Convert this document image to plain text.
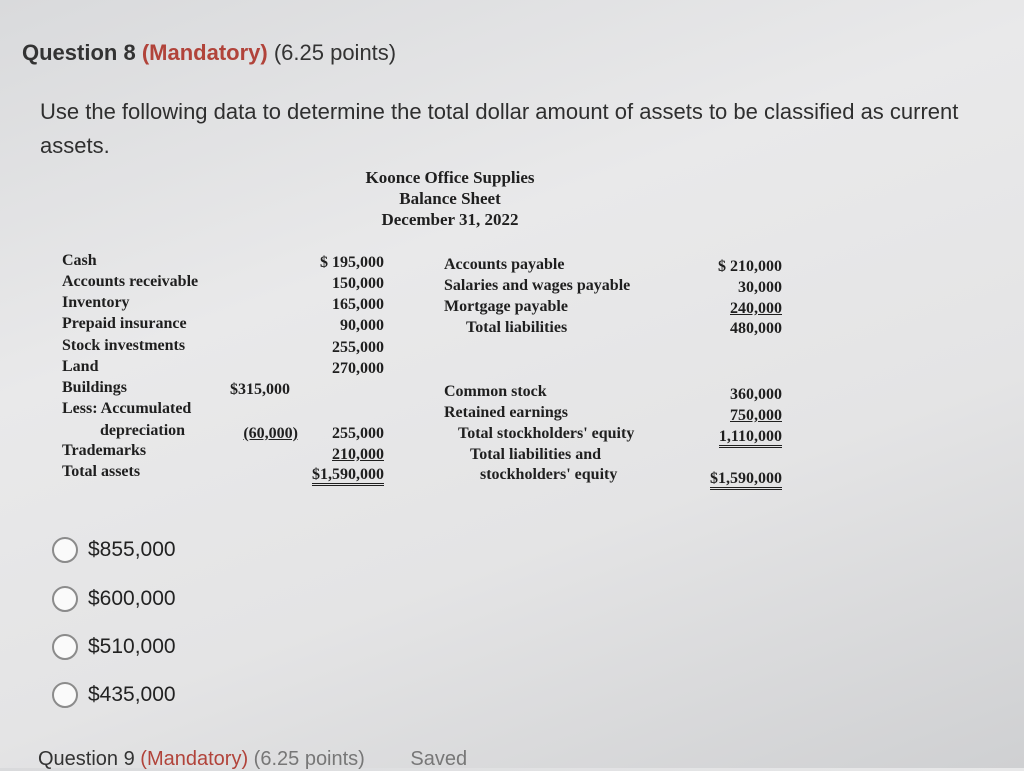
Question 8 (Mandatory) (6.25 points)
Use the following data to determine the total dollar amount of assets to be classified as current assets.
Koonce Office Supplies
Balance Sheet
December 31, 2022
Cash	$ 195,000
Accounts receivable	150,000
Inventory	165,000
Prepaid insurance	90,000
Stock investments	255,000
Land	270,000
Buildings	$315,000
Less: Accumulated
depreciation	(60,000)	255,000
Trademarks	210,000
Total assets	$1,590,000
Accounts payable	$ 210,000
Salaries and wages payable	30,000
Mortgage payable	240,000
Total liabilities	480,000
Common stock	360,000
Retained earnings	750,000
Total stockholders' equity	1,110,000
Total liabilities and
stockholders' equity	$1,590,000
$855,000
$600,000
$510,000
$435,000
Question 9 (Mandatory) (6.25 points) Saved
